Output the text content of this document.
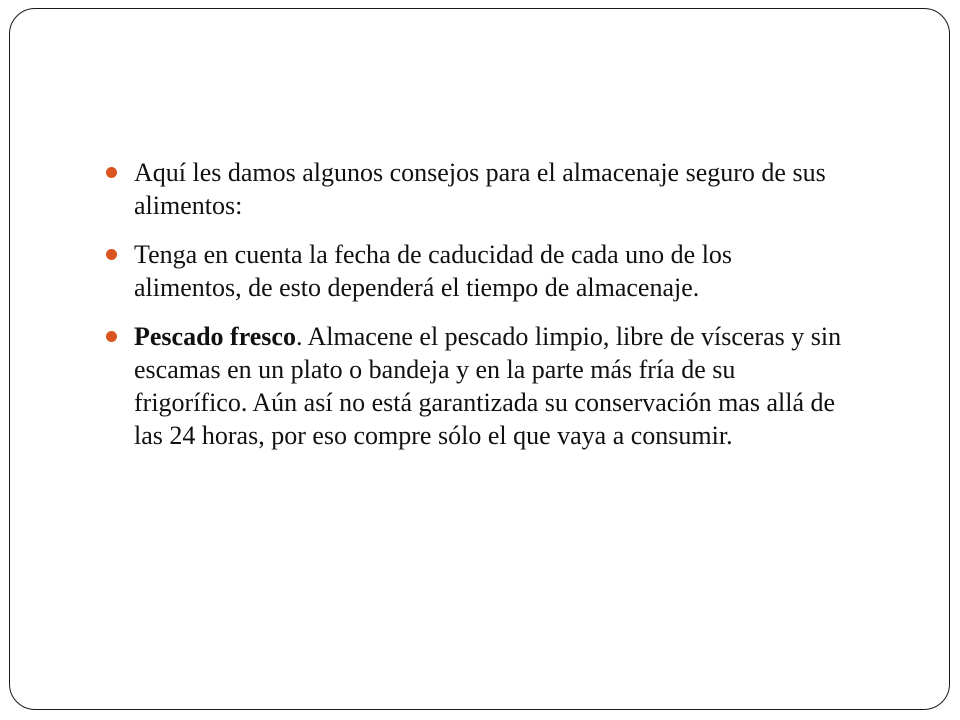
Aquí les damos algunos consejos para el almacenaje seguro de sus alimentos:
Tenga en cuenta la fecha de caducidad de cada uno de los alimentos, de esto dependerá el tiempo de almacenaje.
Pescado fresco. Almacene el pescado limpio, libre de vísceras y sin escamas en un plato o bandeja y en la parte más fría de su frigorífico. Aún así no está garantizada su conservación mas allá de las 24 horas, por eso compre sólo el que vaya a consumir.
